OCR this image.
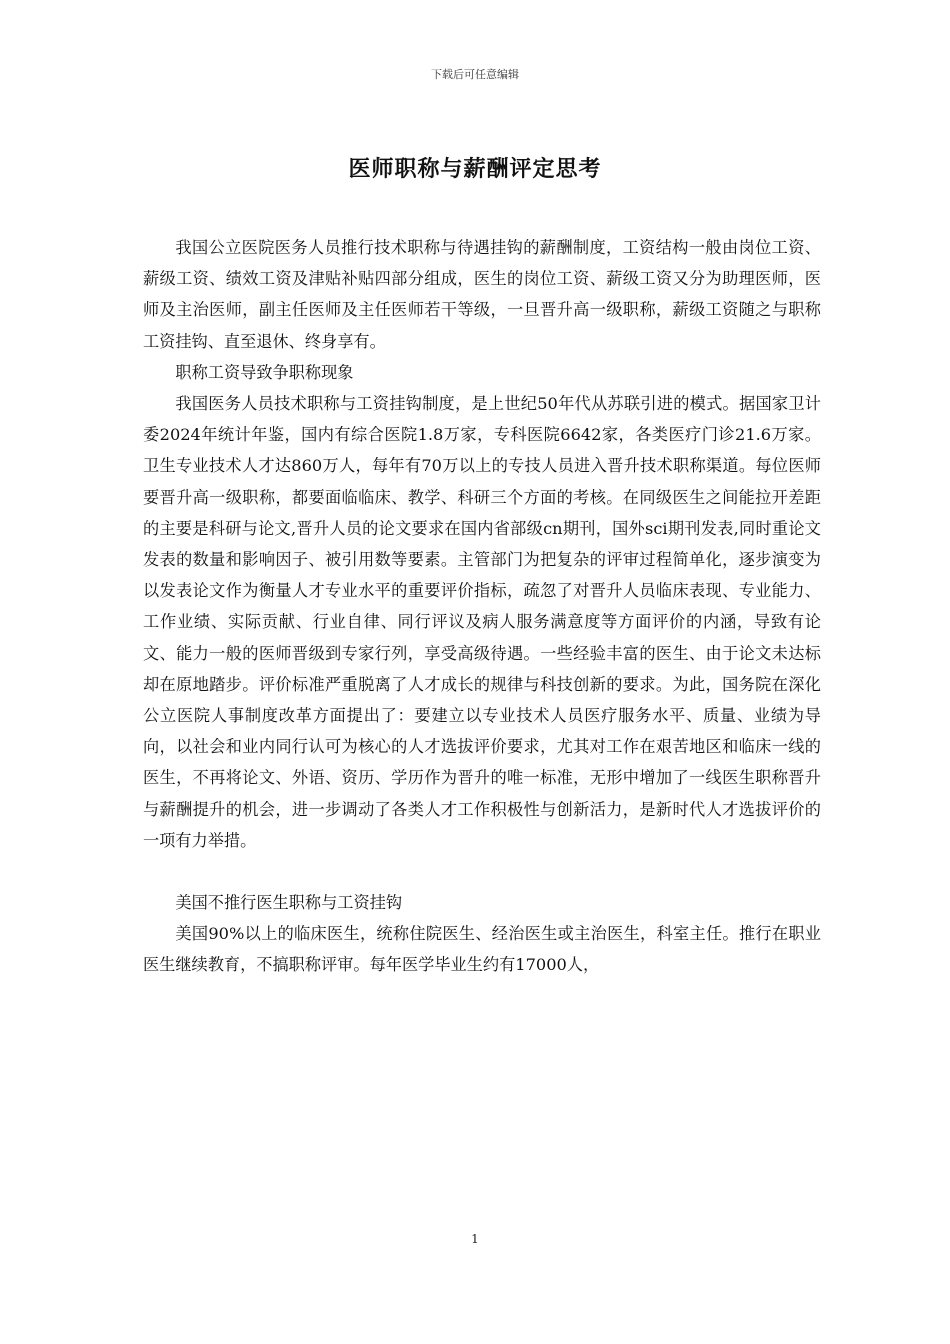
下载后可任意编辑
医师职称与薪酬评定思考

我国公立医院医务人员推行技术职称与待遇挂钩的薪酬制度，工资结构一般由岗位工资、薪级工资、绩效工资及津贴补贴四部分组成，医生的岗位工资、薪级工资又分为助理医师，医师及主治医师，副主任医师及主任医师若干等级，一旦晋升高一级职称，薪级工资随之与职称工资挂钩、直至退休、终身享有。

职称工资导致争职称现象

我国医务人员技术职称与工资挂钩制度，是上世纪50年代从苏联引进的模式。据国家卫计委2024年统计年鉴，国内有综合医院1.8万家，专科医院6642家，各类医疗门诊21.6万家。卫生专业技术人才达860万人，每年有70万以上的专技人员进入晋升技术职称渠道。每位医师要晋升高一级职称，都要面临临床、教学、科研三个方面的考核。在同级医生之间能拉开差距的主要是科研与论文,晋升人员的论文要求在国内省部级cn期刊，国外sci期刊发表,同时重论文发表的数量和影响因子、被引用数等要素。主管部门为把复杂的评审过程简单化，逐步演变为以发表论文作为衡量人才专业水平的重要评价指标，疏忽了对晋升人员临床表现、专业能力、工作业绩、实际贡献、行业自律、同行评议及病人服务满意度等方面评价的内涵，导致有论文、能力一般的医师晋级到专家行列，享受高级待遇。一些经验丰富的医生、由于论文未达标却在原地踏步。评价标准严重脱离了人才成长的规律与科技创新的要求。为此，国务院在深化公立医院人事制度改革方面提出了：要建立以专业技术人员医疗服务水平、质量、业绩为导向，以社会和业内同行认可为核心的人才选拔评价要求，尤其对工作在艰苦地区和临床一线的医生，不再将论文、外语、资历、学历作为晋升的唯一标准，无形中增加了一线医生职称晋升与薪酬提升的机会，进一步调动了各类人才工作积极性与创新活力，是新时代人才选拔评价的一项有力举措。

美国不推行医生职称与工资挂钩

美国90%以上的临床医生，统称住院医生、经治医生或主治医生，科室主任。推行在职业医生继续教育，不搞职称评审。每年医学毕业生约有17000人，

1
